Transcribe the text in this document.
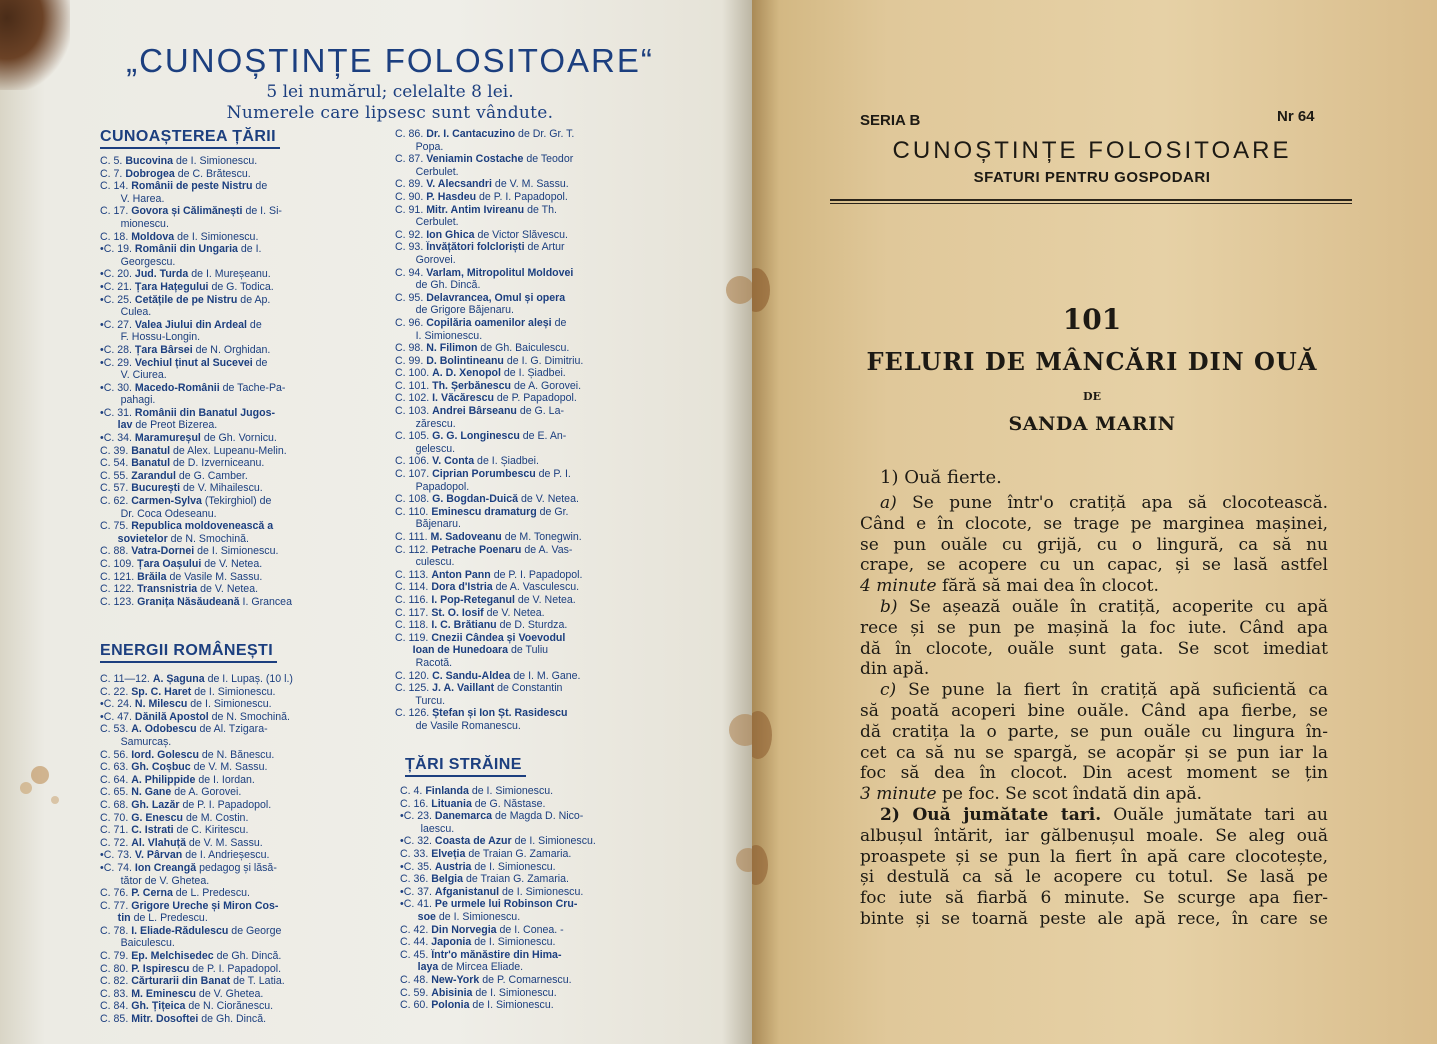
„CUNOȘTINȚE FOLOSITOARE“
5 lei numărul; celelalte 8 lei.
Numerele care lipsesc sunt vândute.
CUNOAȘTEREA ȚĂRII
C. 5. Bucovina de I. Simionescu.
C. 7. Dobrogea de C. Brătescu.
C. 14. Românii de peste Nistru de
V. Harea.
C. 17. Govora și Călimănești de I. Si-
mionescu.
C. 18. Moldova de I. Simionescu.
•C. 19. Românii din Ungaria de I.
Georgescu.
•C. 20. Jud. Turda de I. Mureșeanu.
•C. 21. Țara Hațegului de G. Todica.
•C. 25. Cetățile de pe Nistru de Ap.
Culea.
•C. 27. Valea Jiului din Ardeal de
F. Hossu-Longin.
•C. 28. Țara Bârsei de N. Orghidan.
•C. 29. Vechiul ținut al Sucevei de
V. Ciurea.
•C. 30. Macedo-Românii de Tache-Pa-
pahagi.
•C. 31. Românii din Banatul Jugos-
lav de Preot Bizerea.
•C. 34. Maramureșul de Gh. Vornicu.
C. 39. Banatul de Alex. Lupeanu-Melin.
C. 54. Banatul de D. Izverniceanu.
C. 55. Zarandul de G. Camber.
C. 57. București de V. Mihailescu.
C. 62. Carmen-Sylva (Tekirghiol) de
Dr. Coca Odeseanu.
C. 75. Republica moldovenească a
sovietelor de N. Smochină.
C. 88. Vatra-Dornei de I. Simionescu.
C. 109. Țara Oașului de V. Netea.
C. 121. Brăila de Vasile M. Sassu.
C. 122. Transnistria de V. Netea.
C. 123. Granița Năsăudeană I. Grancea
ENERGII ROMÂNEȘTI
C. 11—12. A. Șaguna de I. Lupaș. (10 l.)
C. 22. Sp. C. Haret de I. Simionescu.
•C. 24. N. Milescu de I. Simionescu.
•C. 47. Dănilă Apostol de N. Smochină.
C. 53. A. Odobescu de Al. Tzigara-
Samurcaș.
C. 56. Iord. Golescu de N. Bănescu.
C. 63. Gh. Coșbuc de V. M. Sassu.
C. 64. A. Philippide de I. Iordan.
C. 65. N. Gane de A. Gorovei.
C. 68. Gh. Lazăr de P. I. Papadopol.
C. 70. G. Enescu de M. Costin.
C. 71. C. Istrati de C. Kiritescu.
C. 72. Al. Vlahuță de V. M. Sassu.
•C. 73. V. Pârvan de I. Andrieșescu.
•C. 74. Ion Creangă pedagog și lăsă-
tător de V. Ghetea.
C. 76. P. Cerna de L. Predescu.
C. 77. Grigore Ureche și Miron Cos-
tin de L. Predescu.
C. 78. I. Eliade-Rădulescu de George
Baiculescu.
C. 79. Ep. Melchisedec de Gh. Dincă.
C. 80. P. Ispirescu de P. I. Papadopol.
C. 82. Cărturarii din Banat de T. Latia.
C. 83. M. Eminescu de V. Ghetea.
C. 84. Gh. Țițeica de N. Ciorănescu.
C. 85. Mitr. Dosoftei de Gh. Dincă.
C. 86. Dr. I. Cantacuzino de Dr. Gr. T.
Popa.
C. 87. Veniamin Costache de Teodor
Cerbulet.
C. 89. V. Alecsandri de V. M. Sassu.
C. 90. P. Hasdeu de P. I. Papadopol.
C. 91. Mitr. Antim Ivireanu de Th.
Cerbulet.
C. 92. Ion Ghica de Victor Slăvescu.
C. 93. Învățători folcloriști de Artur
Gorovei.
C. 94. Varlam, Mitropolitul Moldovei
de Gh. Dincă.
C. 95. Delavrancea, Omul și opera
de Grigore Băjenaru.
C. 96. Copilăria oamenilor aleși de
I. Simionescu.
C. 98. N. Filimon de Gh. Baiculescu.
C. 99. D. Bolintineanu de I. G. Dimitriu.
C. 100. A. D. Xenopol de I. Șiadbei.
C. 101. Th. Șerbănescu de A. Gorovei.
C. 102. I. Văcărescu de P. Papadopol.
C. 103. Andrei Bârseanu de G. La-
zărescu.
C. 105. G. G. Longinescu de E. An-
gelescu.
C. 106. V. Conta de I. Șiadbei.
C. 107. Ciprian Porumbescu de P. I.
Papadopol.
C. 108. G. Bogdan-Duică de V. Netea.
C. 110. Eminescu dramaturg de Gr.
Băjenaru.
C. 111. M. Sadoveanu de M. Tonegwin.
C. 112. Petrache Poenaru de A. Vas-
culescu.
C. 113. Anton Pann de P. I. Papadopol.
C. 114. Dora d'Istria de A. Vasculescu.
C. 116. I. Pop-Reteganul de V. Netea.
C. 117. St. O. Iosif de V. Netea.
C. 118. I. C. Brătianu de D. Sturdza.
C. 119. Cnezii Cândea și Voevodul
Ioan de Hunedoara de Tuliu
Racotă.
C. 120. C. Sandu-Aldea de I. M. Gane.
C. 125. J. A. Vaillant de Constantin
Turcu.
C. 126. Ștefan și Ion Șt. Rasidescu
de Vasile Romanescu.
ȚĂRI STRĂINE
C. 4. Finlanda de I. Simionescu.
C. 16. Lituania de G. Năstase.
•C. 23. Danemarca de Magda D. Nico-
laescu.
•C. 32. Coasta de Azur de I. Simionescu.
C. 33. Elveția de Traian G. Zamaria.
•C. 35. Austria de I. Simionescu.
C. 36. Belgia de Traian G. Zamaria.
•C. 37. Afganistanul de I. Simionescu.
•C. 41. Pe urmele lui Robinson Cru-
soe de I. Simionescu.
C. 42. Din Norvegia de I. Conea. -
C. 44. Japonia de I. Simionescu.
C. 45. Într'o mănăstire din Hima-
laya de Mircea Eliade.
C. 48. New-York de P. Comarnescu.
C. 59. Abisinia de I. Simionescu.
C. 60. Polonia de I. Simionescu.
SERIA B	Nr 64
CUNOȘTINȚE FOLOSITOARE
SFATURI PENTRU GOSPODARI
101
FELURI DE MÂNCĂRI DIN OUĂ
DE
SANDA MARIN
1) Ouă fierte.
a) Se pune într'o cratiță apa să clocotească.
Când e în clocote, se trage pe marginea mașinei,
se pun ouăle cu grijă, cu o lingură, ca să nu
crape, se acopere cu un capac, și se lasă astfel
4 minute fără să mai dea în clocot.
b) Se așează ouăle în cratiță, acoperite cu apă
rece și se pun pe mașină la foc iute. Când apa
dă în clocote, ouăle sunt gata. Se scot imediat
din apă.
c) Se pune la fiert în cratiță apă suficientă ca
să poată acoperi bine ouăle. Când apa fierbe, se
dă cratița la o parte, se pun ouăle cu lingura în-
cet ca să nu se spargă, se acopăr și se pun iar la
foc să dea în clocot. Din acest moment se țin
3 minute pe foc. Se scot îndată din apă.
2) Ouă jumătate tari. Ouăle jumătate tari au
albușul întărit, iar gălbenușul moale. Se aleg ouă
proaspete și se pun la fiert în apă care clocotește,
și destulă ca să le acopere cu totul. Se lasă pe
foc iute să fiarbă 6 minute. Se scurge apa fier-
binte și se toarnă peste ale apă rece, în care se
